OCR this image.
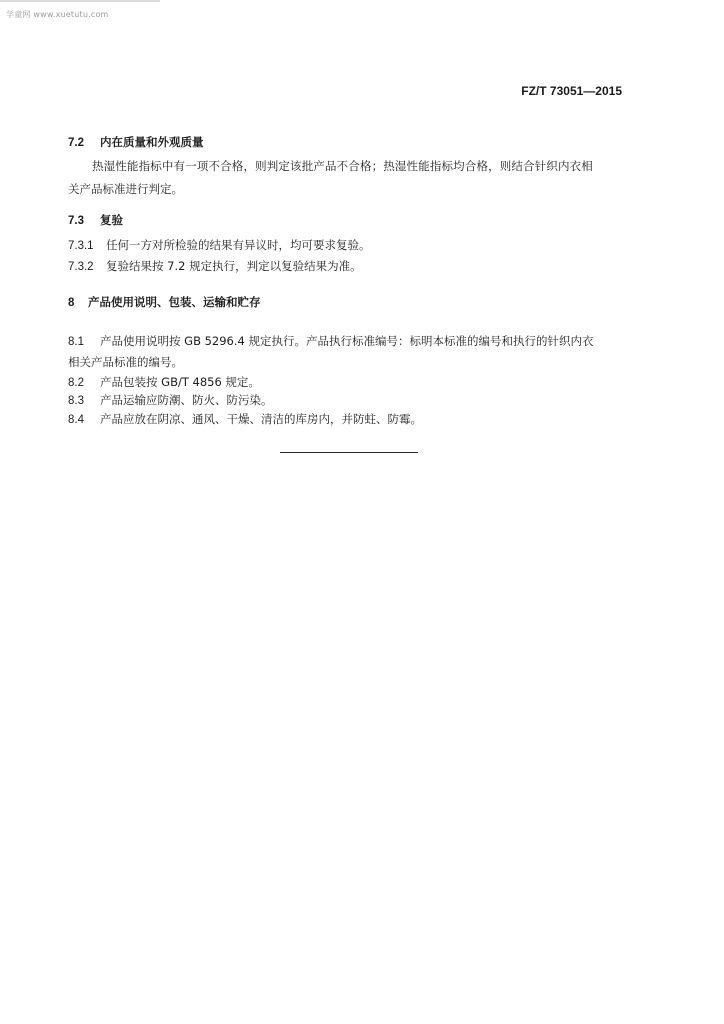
学童网 www.xuetutu.com
FZ/T 73051—2015
7.2 内在质量和外观质量
热湿性能指标中有一项不合格，则判定该批产品不合格；热湿性能指标均合格，则结合针织内衣相
关产品标准进行判定。
7.3 复验
7.3.1 任何一方对所检验的结果有异议时，均可要求复验。
7.3.2 复验结果按 7.2 规定执行，判定以复验结果为准。
8 产品使用说明、包装、运输和贮存
8.1 产品使用说明按 GB 5296.4 规定执行。产品执行标准编号：标明本标准的编号和执行的针织内衣
相关产品标准的编号。
8.2 产品包装按 GB/T 4856 规定。
8.3 产品运输应防潮、防火、防污染。
8.4 产品应放在阴凉、通风、干燥、清洁的库房内，并防蛀、防霉。
